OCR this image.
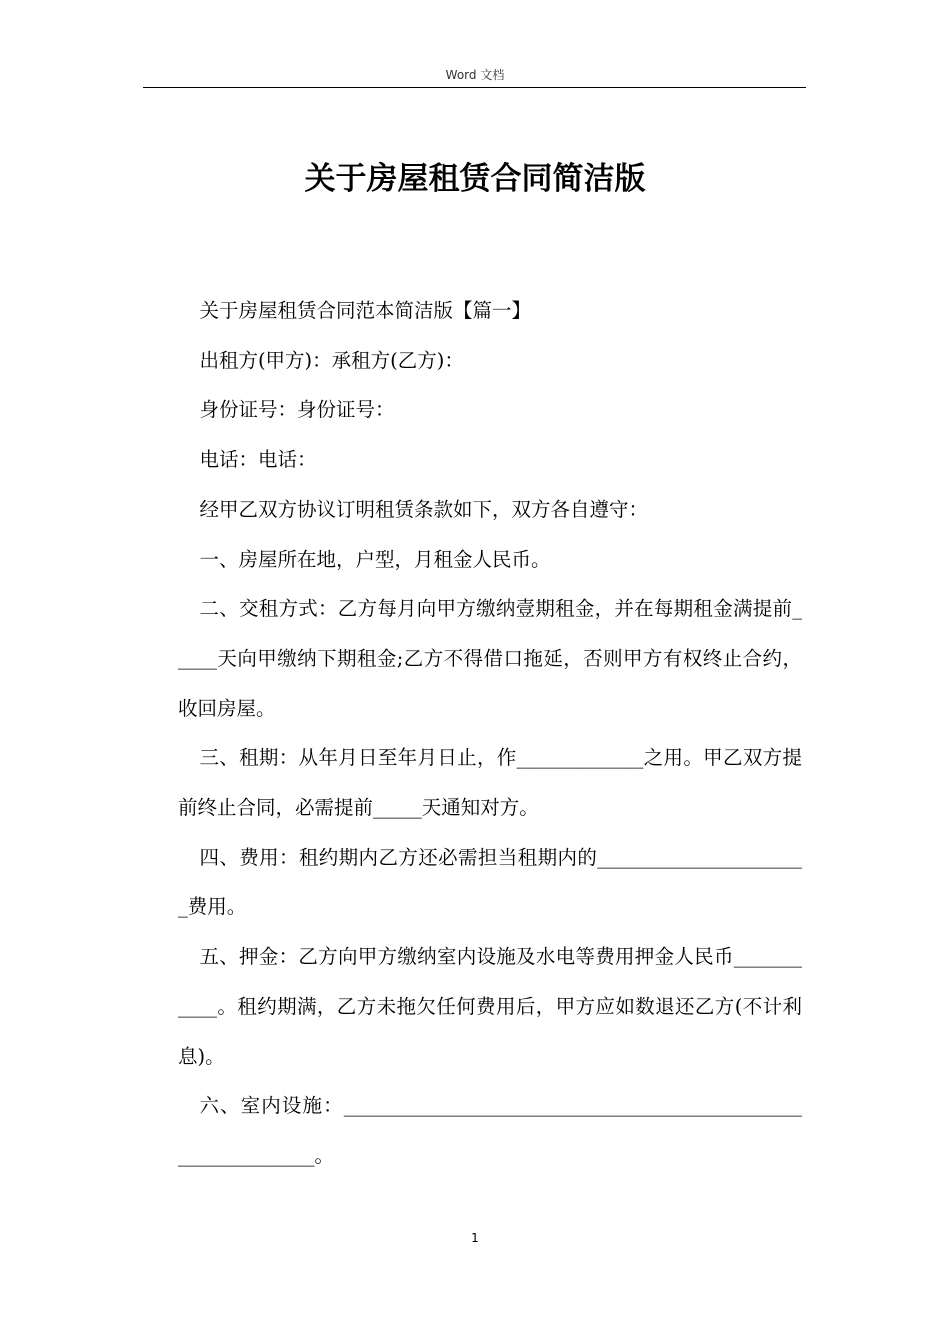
Word 文档
关于房屋租赁合同简洁版

关于房屋租赁合同范本简洁版【篇一】

出租方(甲方)：承租方(乙方)：

身份证号：身份证号：

电话：电话：

经甲乙双方协议订明租赁条款如下，双方各自遵守：

一、房屋所在地，户型，月租金人民币。

二、交租方式：乙方每月向甲方缴纳壹期租金，并在每期租金满提前_____天向甲缴纳下期租金;乙方不得借口拖延，否则甲方有权终止合约，收回房屋。

三、租期：从年月日至年月日止，作_____________之用。甲乙双方提前终止合同，必需提前_____天通知对方。

四、费用：租约期内乙方还必需担当租期内的______________________费用。

五、押金：乙方向甲方缴纳室内设施及水电等费用押金人民币___________。租约期满，乙方未拖欠任何费用后，甲方应如数退还乙方(不计利息)。

六、室内设施：_____________________________________________________________。

1
